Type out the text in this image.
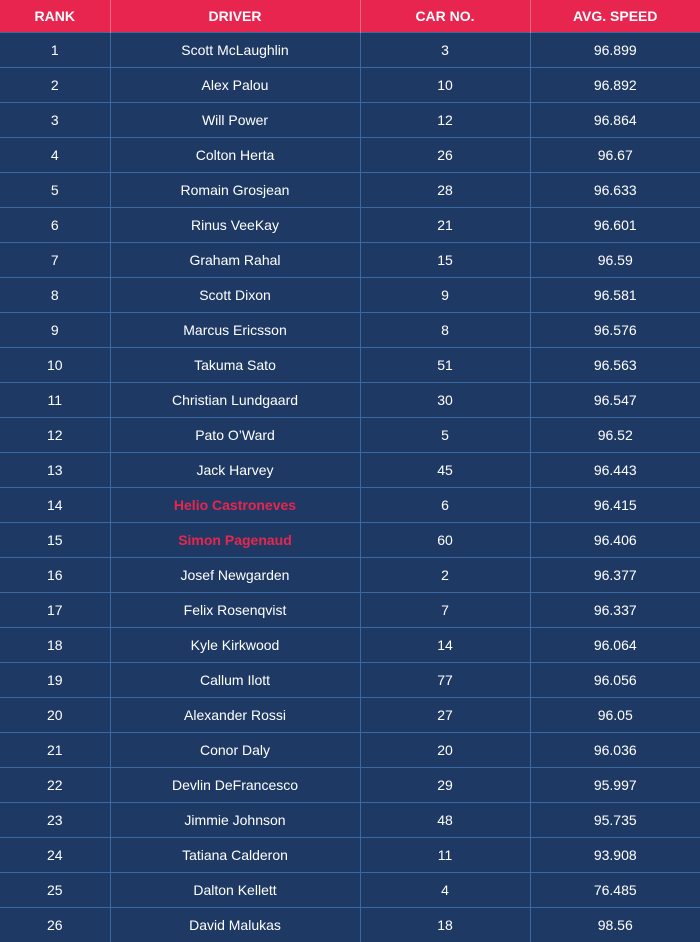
RANK	DRIVER	CAR NO.	AVG. SPEED
1	Scott McLaughlin	3	96.899
2	Alex Palou	10	96.892
3	Will Power	12	96.864
4	Colton Herta	26	96.67
5	Romain Grosjean	28	96.633
6	Rinus VeeKay	21	96.601
7	Graham Rahal	15	96.59
8	Scott Dixon	9	96.581
9	Marcus Ericsson	8	96.576
10	Takuma Sato	51	96.563
11	Christian Lundgaard	30	96.547
12	Pato O’Ward	5	96.52
13	Jack Harvey	45	96.443
14	Helio Castroneves	6	96.415
15	Simon Pagenaud	60	96.406
16	Josef Newgarden	2	96.377
17	Felix Rosenqvist	7	96.337
18	Kyle Kirkwood	14	96.064
19	Callum Ilott	77	96.056
20	Alexander Rossi	27	96.05
21	Conor Daly	20	96.036
22	Devlin DeFrancesco	29	95.997
23	Jimmie Johnson	48	95.735
24	Tatiana Calderon	11	93.908
25	Dalton Kellett	4	76.485
26	David Malukas	18	98.56
